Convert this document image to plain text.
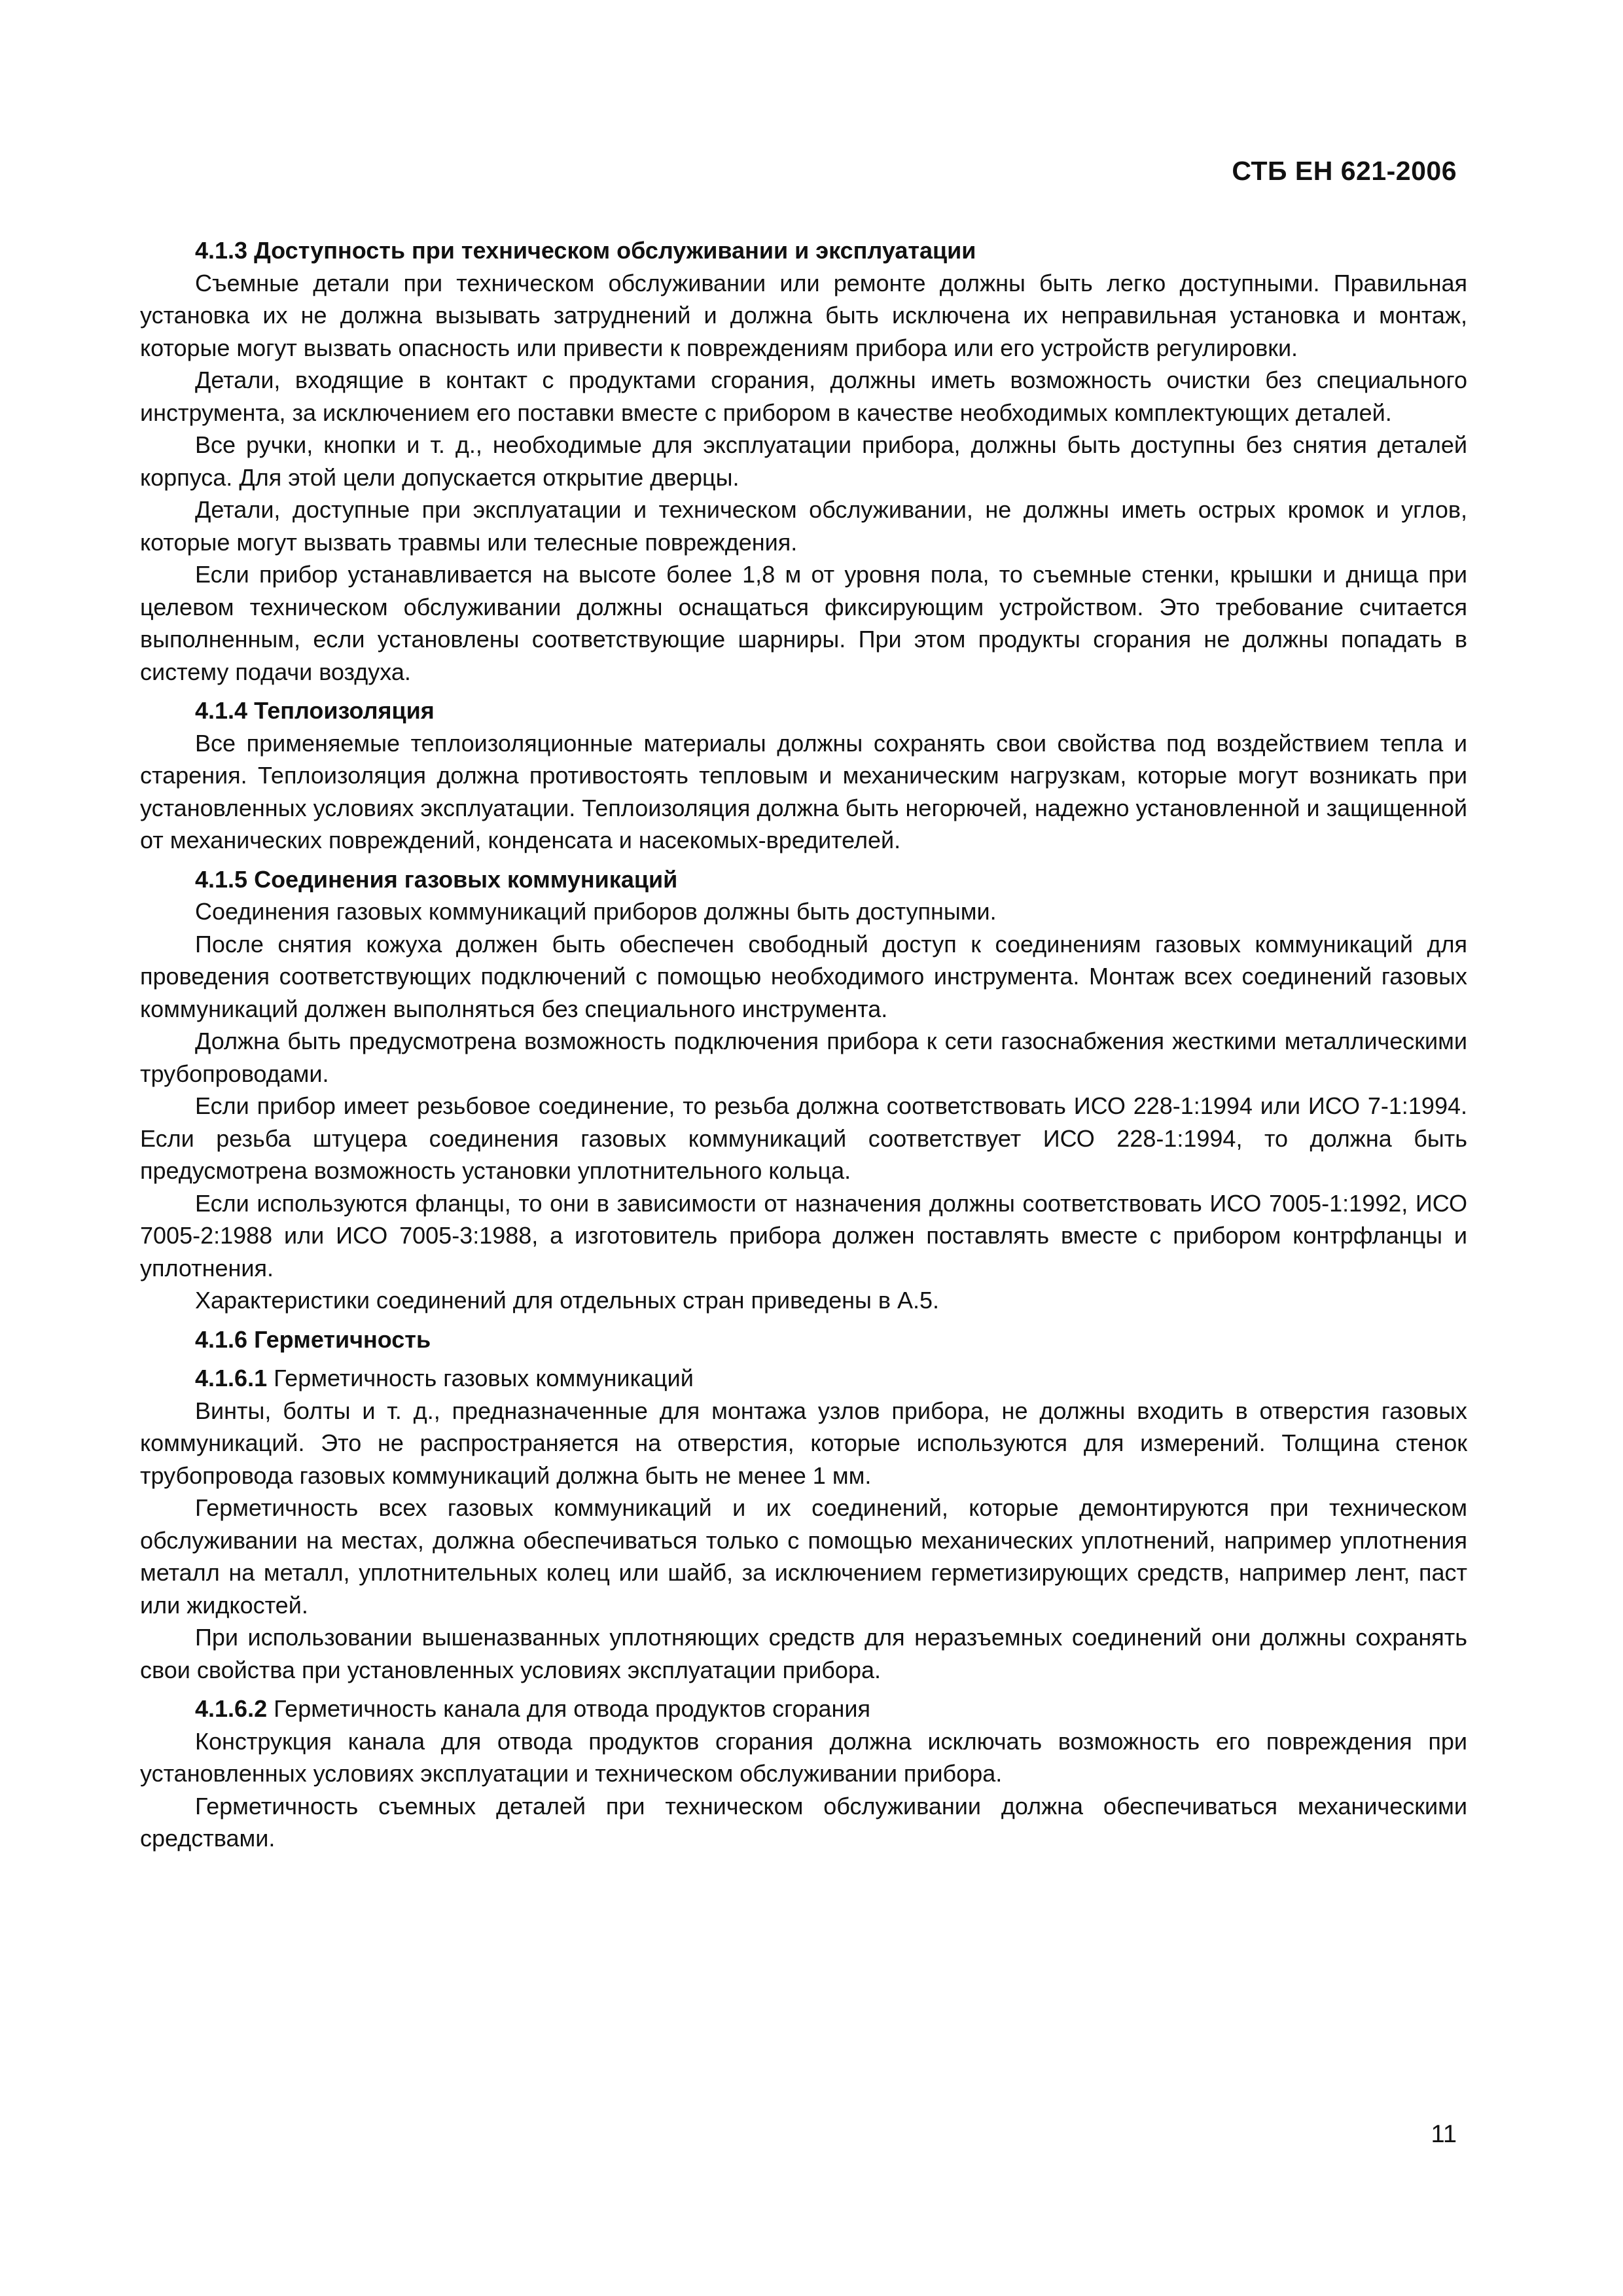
СТБ ЕН 621-2006
4.1.3 Доступность при техническом обслуживании и эксплуатации

Съемные детали при техническом обслуживании или ремонте должны быть легко доступными. Правильная установка их не должна вызывать затруднений и должна быть исключена их неправильная установка и монтаж, которые могут вызвать опасность или привести к повреждениям прибора или его устройств регулировки.

Детали, входящие в контакт с продуктами сгорания, должны иметь возможность очистки без специального инструмента, за исключением его поставки вместе с прибором в качестве необходимых комплектующих деталей.

Все ручки, кнопки и т. д., необходимые для эксплуатации прибора, должны быть доступны без снятия деталей корпуса. Для этой цели допускается открытие дверцы.

Детали, доступные при эксплуатации и техническом обслуживании, не должны иметь острых кромок и углов, которые могут вызвать травмы или телесные повреждения.

Если прибор устанавливается на высоте более 1,8 м от уровня пола, то съемные стенки, крышки и днища при целевом техническом обслуживании должны оснащаться фиксирующим устройством. Это требование считается выполненным, если установлены соответствующие шарниры. При этом продукты сгорания не должны попадать в систему подачи воздуха.

4.1.4 Теплоизоляция

Все применяемые теплоизоляционные материалы должны сохранять свои свойства под воздействием тепла и старения. Теплоизоляция должна противостоять тепловым и механическим нагрузкам, которые могут возникать при установленных условиях эксплуатации. Теплоизоляция должна быть негорючей, надежно установленной и защищенной от механических повреждений, конденсата и насекомых-вредителей.

4.1.5 Соединения газовых коммуникаций

Соединения газовых коммуникаций приборов должны быть доступными.

После снятия кожуха должен быть обеспечен свободный доступ к соединениям газовых коммуникаций для проведения соответствующих подключений с помощью необходимого инструмента. Монтаж всех соединений газовых коммуникаций должен выполняться без специального инструмента.

Должна быть предусмотрена возможность подключения прибора к сети газоснабжения жесткими металлическими трубопроводами.

Если прибор имеет резьбовое соединение, то резьба должна соответствовать ИСО 228-1:1994 или ИСО 7-1:1994. Если резьба штуцера соединения газовых коммуникаций соответствует ИСО 228-1:1994, то должна быть предусмотрена возможность установки уплотнительного кольца.

Если используются фланцы, то они в зависимости от назначения должны соответствовать ИСО 7005-1:1992, ИСО 7005-2:1988 или ИСО 7005-3:1988, а изготовитель прибора должен поставлять вместе с прибором контрфланцы и уплотнения.

Характеристики соединений для отдельных стран приведены в А.5.

4.1.6 Герметичность

4.1.6.1 Герметичность газовых коммуникаций

Винты, болты и т. д., предназначенные для монтажа узлов прибора, не должны входить в отверстия газовых коммуникаций. Это не распространяется на отверстия, которые используются для измерений. Толщина стенок трубопровода газовых коммуникаций должна быть не менее 1 мм.

Герметичность всех газовых коммуникаций и их соединений, которые демонтируются при техническом обслуживании на местах, должна обеспечиваться только с помощью механических уплотнений, например уплотнения металл на металл, уплотнительных колец или шайб, за исключением герметизирующих средств, например лент, паст или жидкостей.

При использовании вышеназванных уплотняющих средств для неразъемных соединений они должны сохранять свои свойства при установленных условиях эксплуатации прибора.

4.1.6.2 Герметичность канала для отвода продуктов сгорания

Конструкция канала для отвода продуктов сгорания должна исключать возможность его повреждения при установленных условиях эксплуатации и техническом обслуживании прибора.

Герметичность съемных деталей при техническом обслуживании должна обеспечиваться механическими средствами.

11
